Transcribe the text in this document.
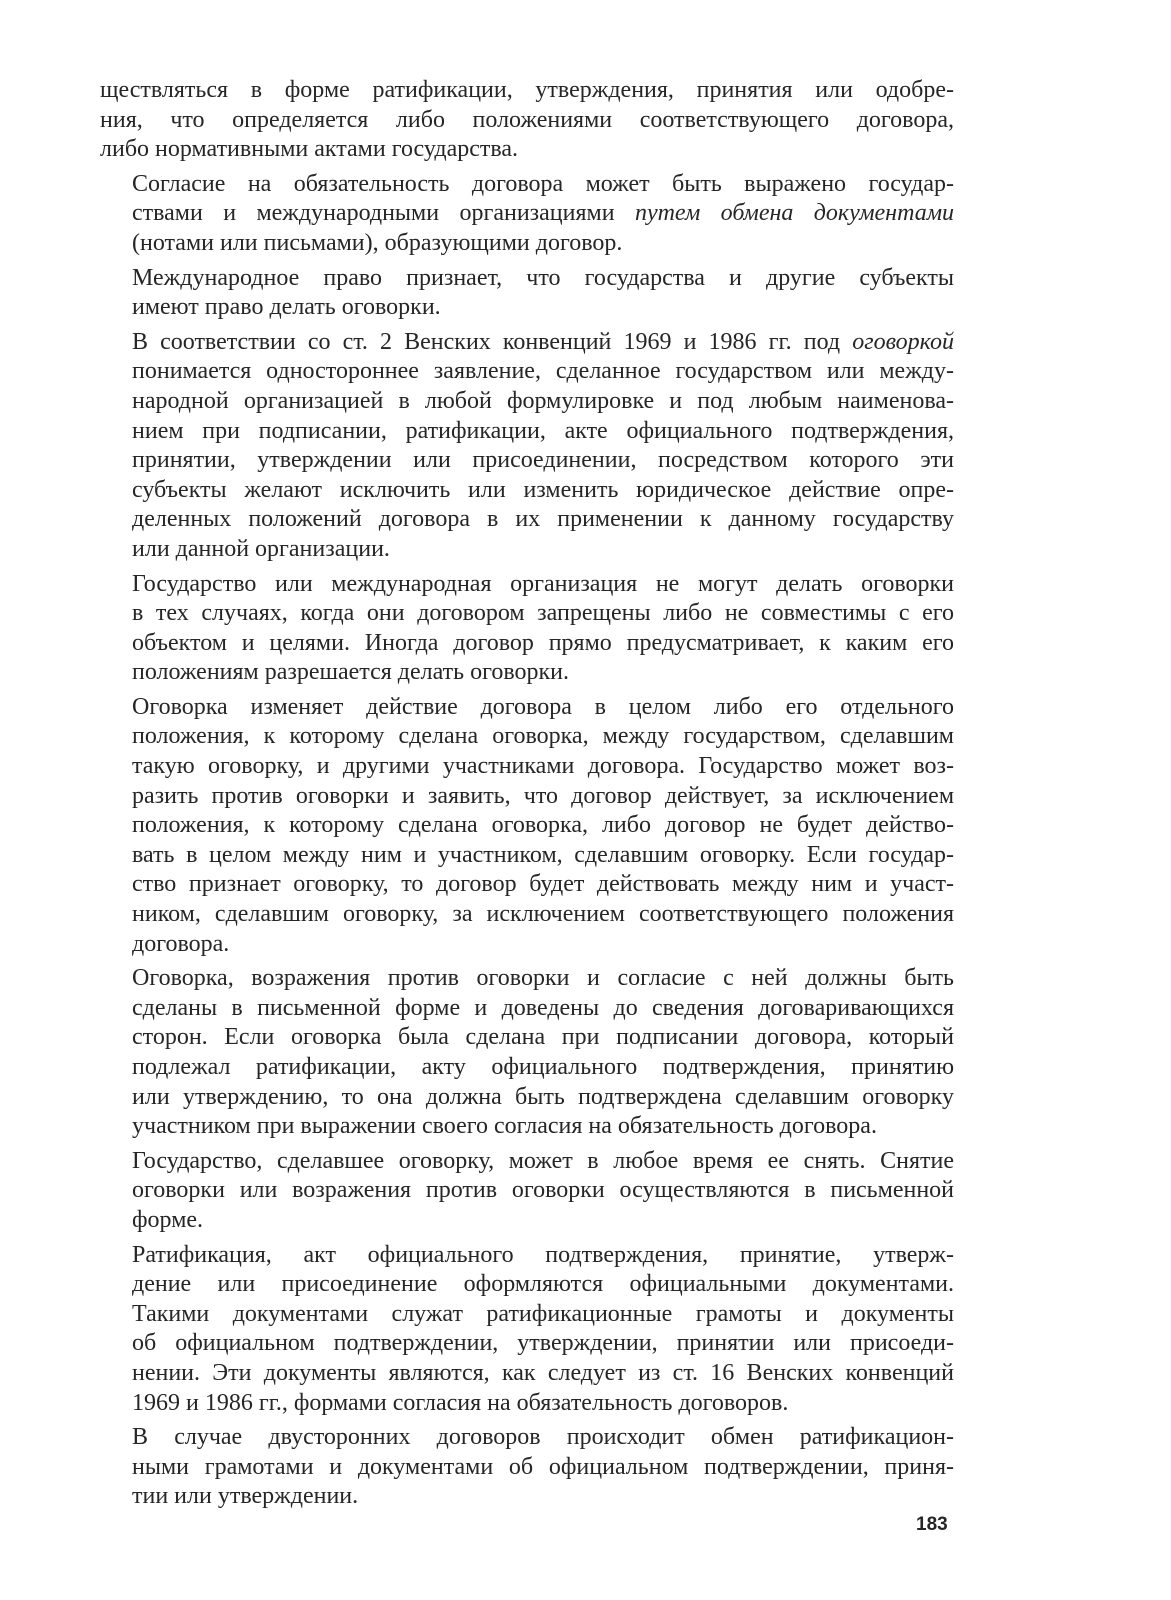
ществляться в форме ратификации, утверждения, принятия или одобре-
ния, что определяется либо положениями соответствующего договора,
либо нормативными актами государства.

Согласие на обязательность договора может быть выражено государ-
ствами и международными организациями путем обмена документами
(нотами или письмами), образующими договор.

Международное право признает, что государства и другие субъекты
имеют право делать оговорки.

В соответствии со ст. 2 Венских конвенций 1969 и 1986 гг. под оговоркой
понимается одностороннее заявление, сделанное государством или между-
народной организацией в любой формулировке и под любым наименова-
нием при подписании, ратификации, акте официального подтверждения,
принятии, утверждении или присоединении, посредством которого эти
субъекты желают исключить или изменить юридическое действие опре-
деленных положений договора в их применении к данному государству
или данной организации.

Государство или международная организация не могут делать оговорки
в тех случаях, когда они договором запрещены либо не совместимы с его
объектом и целями. Иногда договор прямо предусматривает, к каким его
положениям разрешается делать оговорки.

Оговорка изменяет действие договора в целом либо его отдельного
положения, к которому сделана оговорка, между государством, сделавшим
такую оговорку, и другими участниками договора. Государство может воз-
разить против оговорки и заявить, что договор действует, за исключением
положения, к которому сделана оговорка, либо договор не будет действо-
вать в целом между ним и участником, сделавшим оговорку. Если государ-
ство признает оговорку, то договор будет действовать между ним и участ-
ником, сделавшим оговорку, за исключением соответствующего положения
договора.

Оговорка, возражения против оговорки и согласие с ней должны быть
сделаны в письменной форме и доведены до сведения договаривающихся
сторон. Если оговорка была сделана при подписании договора, который
подлежал ратификации, акту официального подтверждения, принятию
или утверждению, то она должна быть подтверждена сделавшим оговорку
участником при выражении своего согласия на обязательность договора.

Государство, сделавшее оговорку, может в любое время ее снять. Снятие
оговорки или возражения против оговорки осуществляются в письменной
форме.

Ратификация, акт официального подтверждения, принятие, утверж-
дение или присоединение оформляются официальными документами.
Такими документами служат ратификационные грамоты и документы
об официальном подтверждении, утверждении, принятии или присоеди-
нении. Эти документы являются, как следует из ст. 16 Венских конвенций
1969 и 1986 гг., формами согласия на обязательность договоров.

В случае двусторонних договоров происходит обмен ратификацион-
ными грамотами и документами об официальном подтверждении, приня-
тии или утверждении.

183
